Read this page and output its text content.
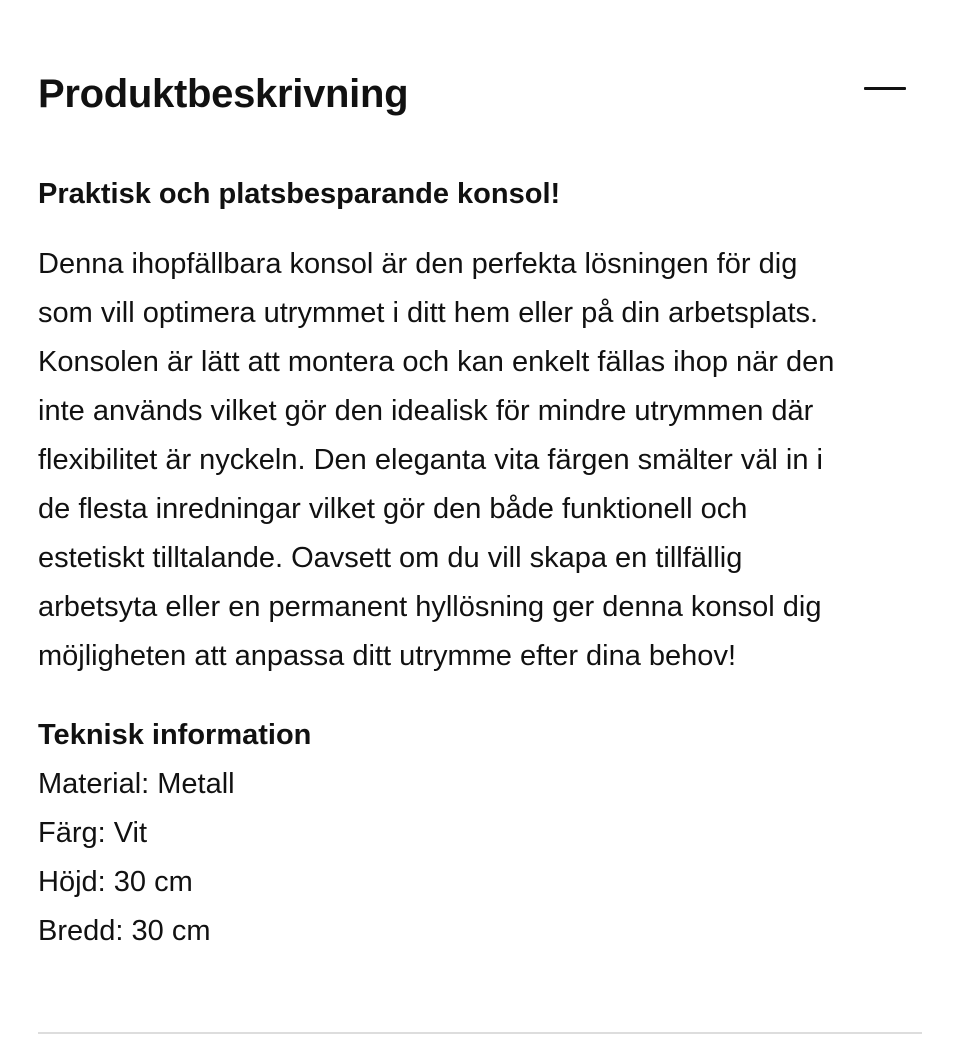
Produktbeskrivning
Praktisk och platsbesparande konsol!

Denna ihopfällbara konsol är den perfekta lösningen för dig
som vill optimera utrymmet i ditt hem eller på din arbetsplats.
Konsolen är lätt att montera och kan enkelt fällas ihop när den
inte används vilket gör den idealisk för mindre utrymmen där
flexibilitet är nyckeln. Den eleganta vita färgen smälter väl in i
de flesta inredningar vilket gör den både funktionell och
estetiskt tilltalande. Oavsett om du vill skapa en tillfällig
arbetsyta eller en permanent hyllösning ger denna konsol dig
möjligheten att anpassa ditt utrymme efter dina behov!

Teknisk information
Material: Metall
Färg: Vit
Höjd: 30 cm
Bredd: 30 cm
